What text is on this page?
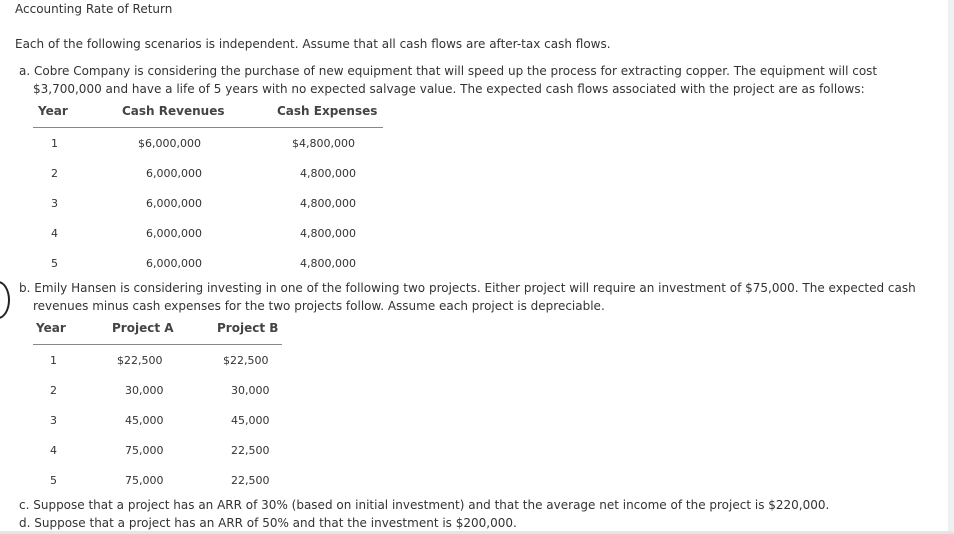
Accounting Rate of Return
Each of the following scenarios is independent. Assume that all cash flows are after-tax cash flows.
a. Cobre Company is considering the purchase of new equipment that will speed up the process for extracting copper. The equipment will cost
$3,700,000 and have a life of 5 years with no expected salvage value. The expected cash flows associated with the project are as follows:
Year	Cash Revenues	Cash Expenses
1	$6,000,000	$4,800,000
2	6,000,000	4,800,000
3	6,000,000	4,800,000
4	6,000,000	4,800,000
5	6,000,000	4,800,000
b. Emily Hansen is considering investing in one of the following two projects. Either project will require an investment of $75,000. The expected cash
revenues minus cash expenses for the two projects follow. Assume each project is depreciable.
Year	Project A	Project B
1	$22,500	$22,500
2	30,000	30,000
3	45,000	45,000
4	75,000	22,500
5	75,000	22,500
c. Suppose that a project has an ARR of 30% (based on initial investment) and that the average net income of the project is $220,000.
d. Suppose that a project has an ARR of 50% and that the investment is $200,000.
